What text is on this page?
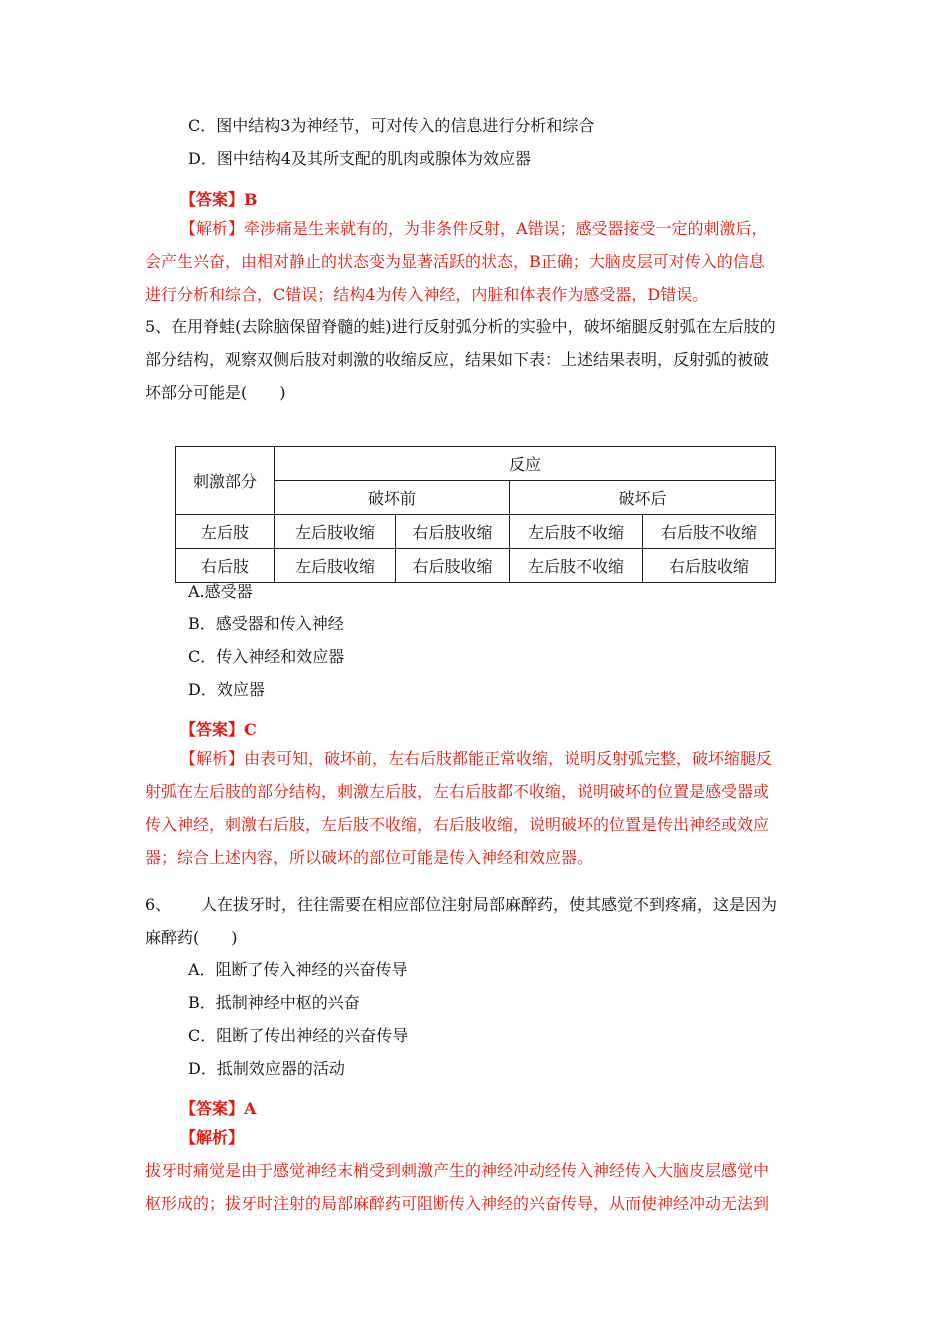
C．图中结构3为神经节，可对传入的信息进行分析和综合
D．图中结构4及其所支配的肌肉或腺体为效应器
【答案】B
【解析】牵涉痛是生来就有的，为非条件反射，A错误；感受器接受一定的刺激后，
会产生兴奋，由相对静止的状态变为显著活跃的状态，B正确；大脑皮层可对传入的信息
进行分析和综合，C错误；结构4为传入神经，内脏和体表作为感受器，D错误。
5、在用脊蛙(去除脑保留脊髓的蛙)进行反射弧分析的实验中，破坏缩腿反射弧在左后肢的
部分结构，观察双侧后肢对刺激的收缩反应，结果如下表：上述结果表明，反射弧的被破
坏部分可能是(　　)
刺激部分	反应			
	破坏前		破坏后	
左后肢	左后肢收缩	右后肢收缩	左后肢不收缩	右后肢不收缩
右后肢	左后肢收缩	右后肢收缩	左后肢不收缩	右后肢收缩
A.感受器
B．感受器和传入神经
C．传入神经和效应器
D．效应器
【答案】C
【解析】由表可知，破坏前，左右后肢都能正常收缩，说明反射弧完整，破坏缩腿反
射弧在左后肢的部分结构，刺激左后肢，左右后肢都不收缩，说明破坏的位置是感受器或
传入神经，刺激右后肢，左后肢不收缩，右后肢收缩，说明破坏的位置是传出神经或效应
器；综合上述内容，所以破坏的部位可能是传入神经和效应器。
6、 人在拔牙时，往往需要在相应部位注射局部麻醉药，使其感觉不到疼痛，这是因为
麻醉药(　　)
A．阻断了传入神经的兴奋传导
B．抵制神经中枢的兴奋
C．阻断了传出神经的兴奋传导
D．抵制效应器的活动
【答案】A
【解析】
拔牙时痛觉是由于感觉神经末梢受到刺激产生的神经冲动经传入神经传入大脑皮层感觉中
枢形成的；拔牙时注射的局部麻醉药可阻断传入神经的兴奋传导，从而使神经冲动无法到
